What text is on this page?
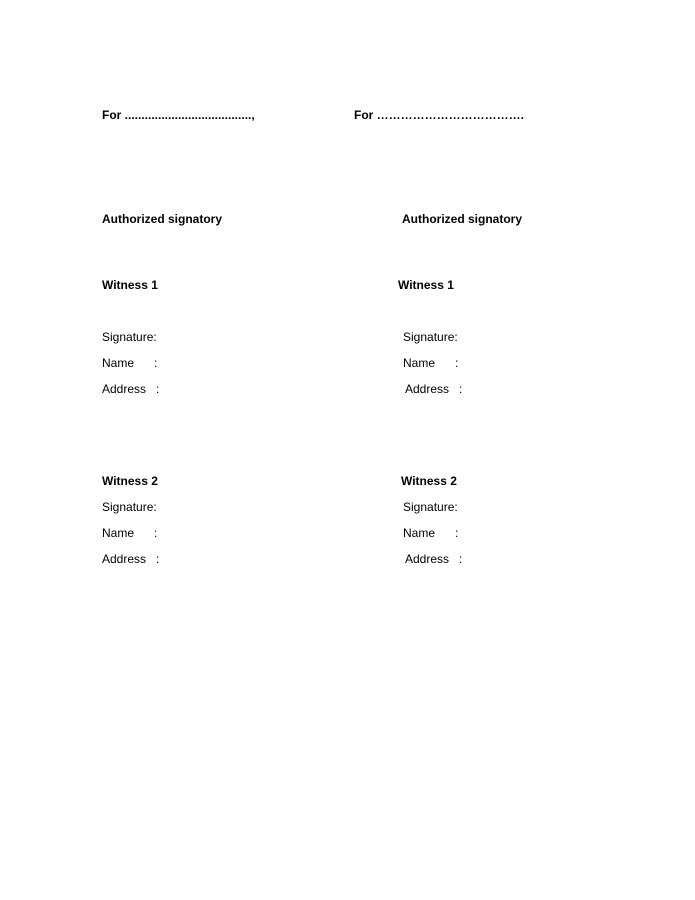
For ......................................,
Authorized signatory
Witness 1
Signature:
Name      :
Address   :
Witness 2
Signature:
Name      :
Address   :
For ……………………………….
Authorized signatory
Witness 1
Signature:
Name      :
Address   :
Witness 2
Signature:
Name      :
Address   :
